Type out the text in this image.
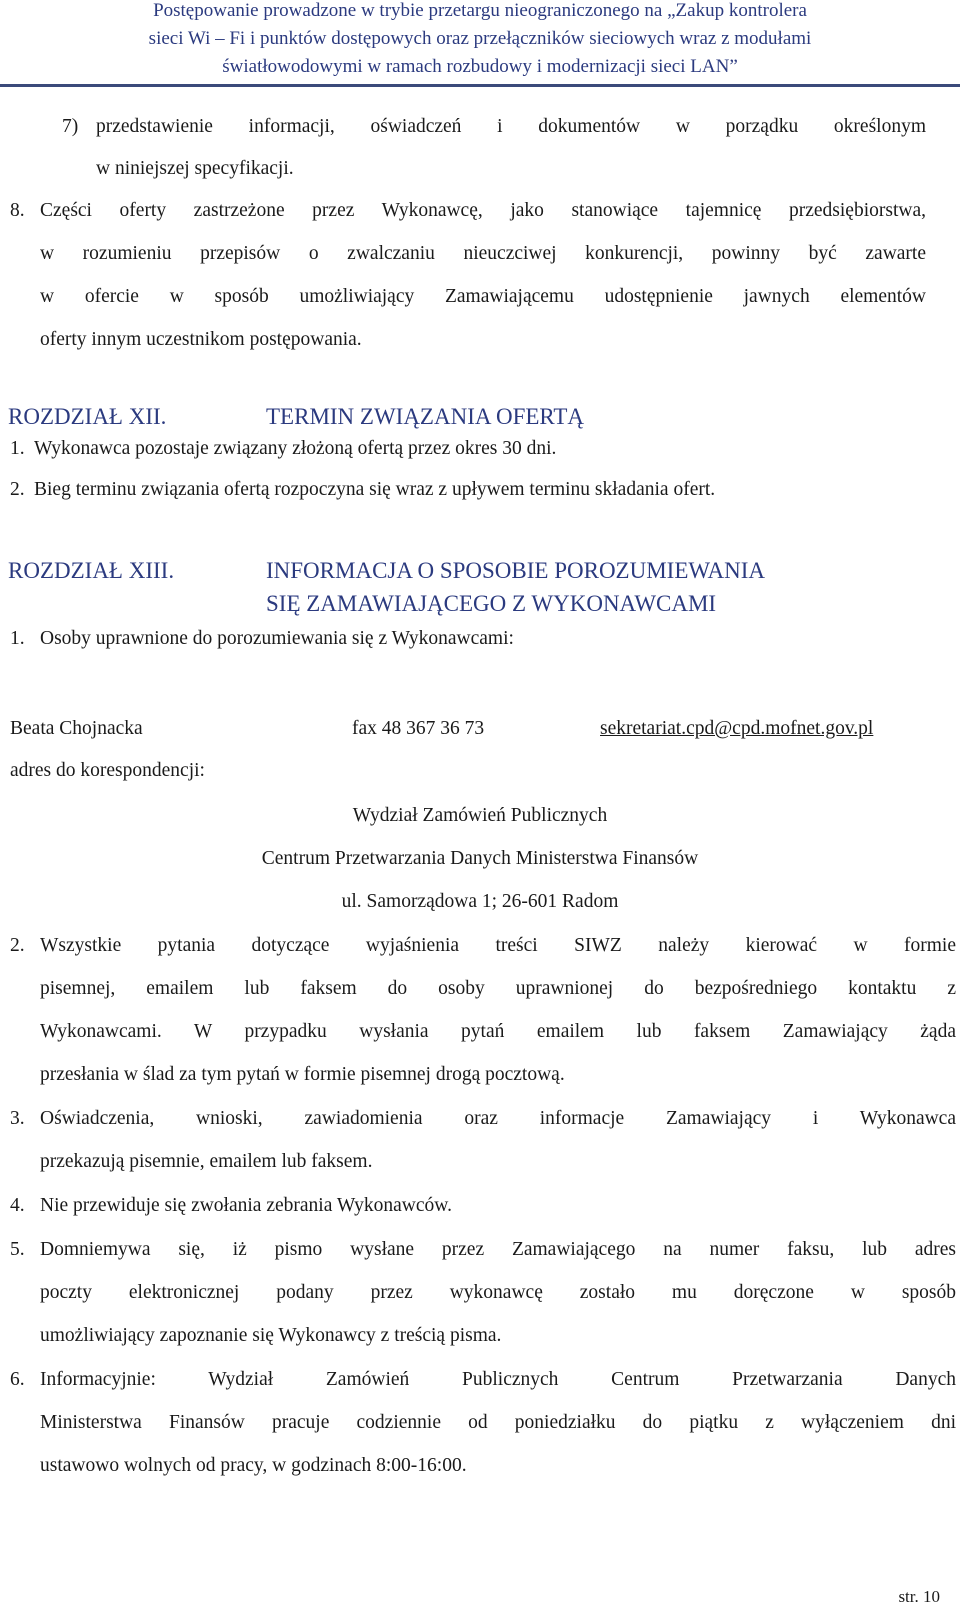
Postępowanie prowadzone w trybie przetargu nieograniczonego na „Zakup kontrolera
sieci Wi – Fi i punktów dostępowych oraz przełączników sieciowych wraz z modułami
światłowodowymi w ramach rozbudowy i modernizacji sieci LAN”
7) przedstawienie informacji, oświadczeń i dokumentów w porządku określonym
w niniejszej specyfikacji.
8. Części oferty zastrzeżone przez Wykonawcę, jako stanowiące tajemnicę przedsiębiorstwa,
w rozumieniu przepisów o zwalczaniu nieuczciwej konkurencji, powinny być zawarte
w ofercie w sposób umożliwiający Zamawiającemu udostępnienie jawnych elementów
oferty innym uczestnikom postępowania.
ROZDZIAŁ XII.	TERMIN ZWIĄZANIA OFERTĄ
1. Wykonawca pozostaje związany złożoną ofertą przez okres 30 dni.
2. Bieg terminu związania ofertą rozpoczyna się wraz z upływem terminu składania ofert.
ROZDZIAŁ XIII.	INFORMACJA O SPOSOBIE POROZUMIEWANIA
SIĘ ZAMAWIAJĄCEGO Z WYKONAWCAMI
1. Osoby uprawnione do porozumiewania się z Wykonawcami:
Beata Chojnacka	fax 48 367 36 73	sekretariat.cpd@cpd.mofnet.gov.pl
adres do korespondencji:
Wydział Zamówień Publicznych
Centrum Przetwarzania Danych Ministerstwa Finansów
ul. Samorządowa 1; 26-601 Radom
2. Wszystkie pytania dotyczące wyjaśnienia treści SIWZ należy kierować w formie
pisemnej, emailem lub faksem do osoby uprawnionej do bezpośredniego kontaktu z
Wykonawcami. W przypadku wysłania pytań emailem lub faksem Zamawiający żąda
przesłania w ślad za tym pytań w formie pisemnej drogą pocztową.
3. Oświadczenia, wnioski, zawiadomienia oraz informacje Zamawiający i Wykonawca
przekazują pisemnie, emailem lub faksem.
4. Nie przewiduje się zwołania zebrania Wykonawców.
5. Domniemywa się, iż pismo wysłane przez Zamawiającego na numer faksu, lub adres
poczty elektronicznej podany przez wykonawcę zostało mu doręczone w sposób
umożliwiający zapoznanie się Wykonawcy z treścią pisma.
6. Informacyjnie: Wydział Zamówień Publicznych Centrum Przetwarzania Danych
Ministerstwa Finansów pracuje codziennie od poniedziałku do piątku z wyłączeniem dni
ustawowo wolnych od pracy, w godzinach 8:00-16:00.
str. 10
